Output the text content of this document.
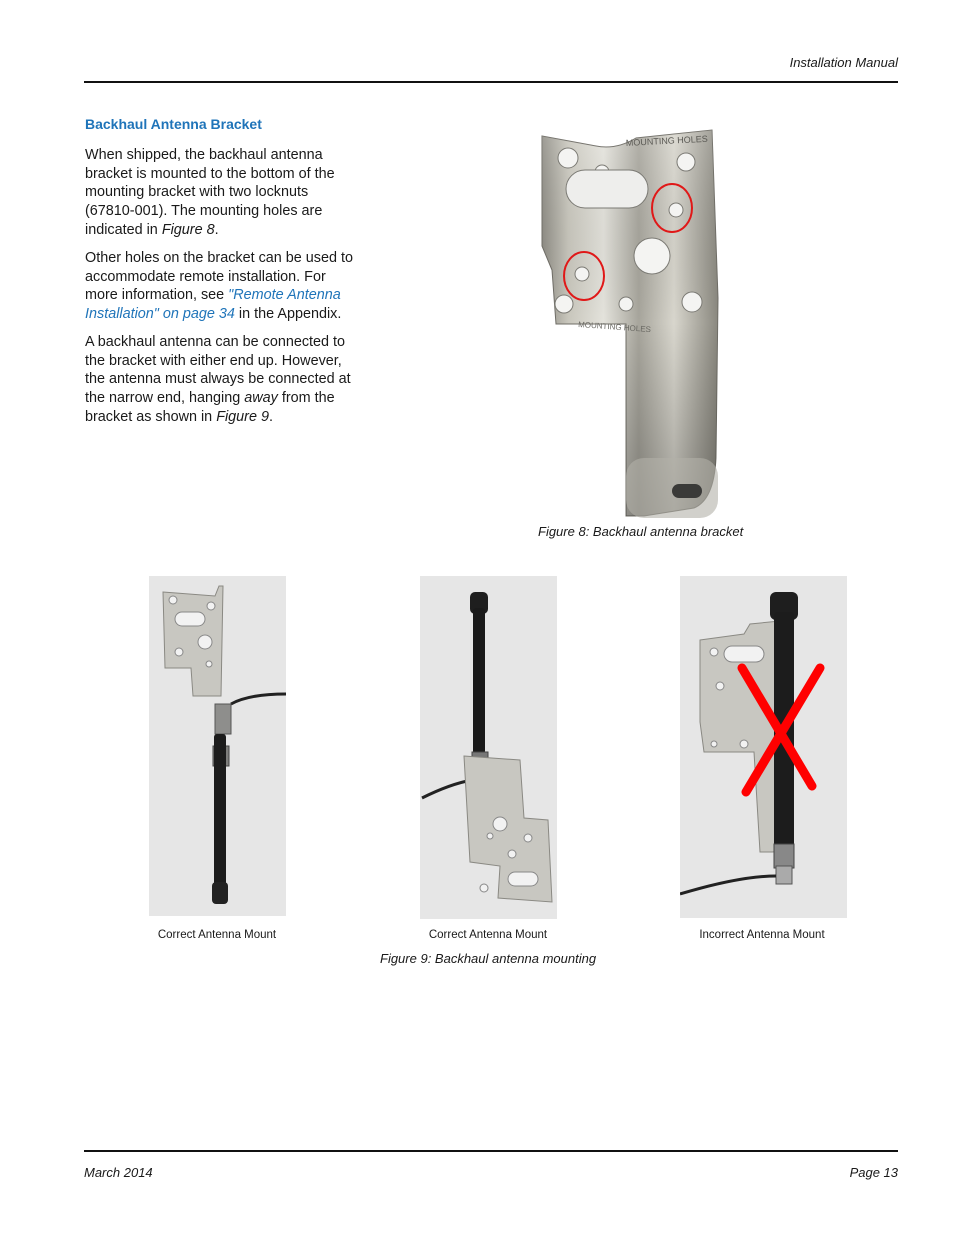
Installation Manual
Backhaul Antenna Bracket

When shipped, the backhaul antenna bracket is mounted to the bottom of the mounting bracket with two locknuts (67810-001). The mounting holes are indicated in Figure 8.

Other holes on the bracket can be used to accommodate remote installation. For more information, see "Remote Antenna Installation" on page 34 in the Appendix.

A backhaul antenna can be connected to the bracket with either end up. However, the antenna must always be connected at the narrow end, hanging away from the bracket as shown in Figure 9.

MOUNTING HOLES
MOUNTING HOLES
Figure 8: Backhaul antenna bracket
Correct Antenna Mount	Correct Antenna Mount	Incorrect Antenna Mount
Figure 9: Backhaul antenna mounting
March 2014	Page 13
